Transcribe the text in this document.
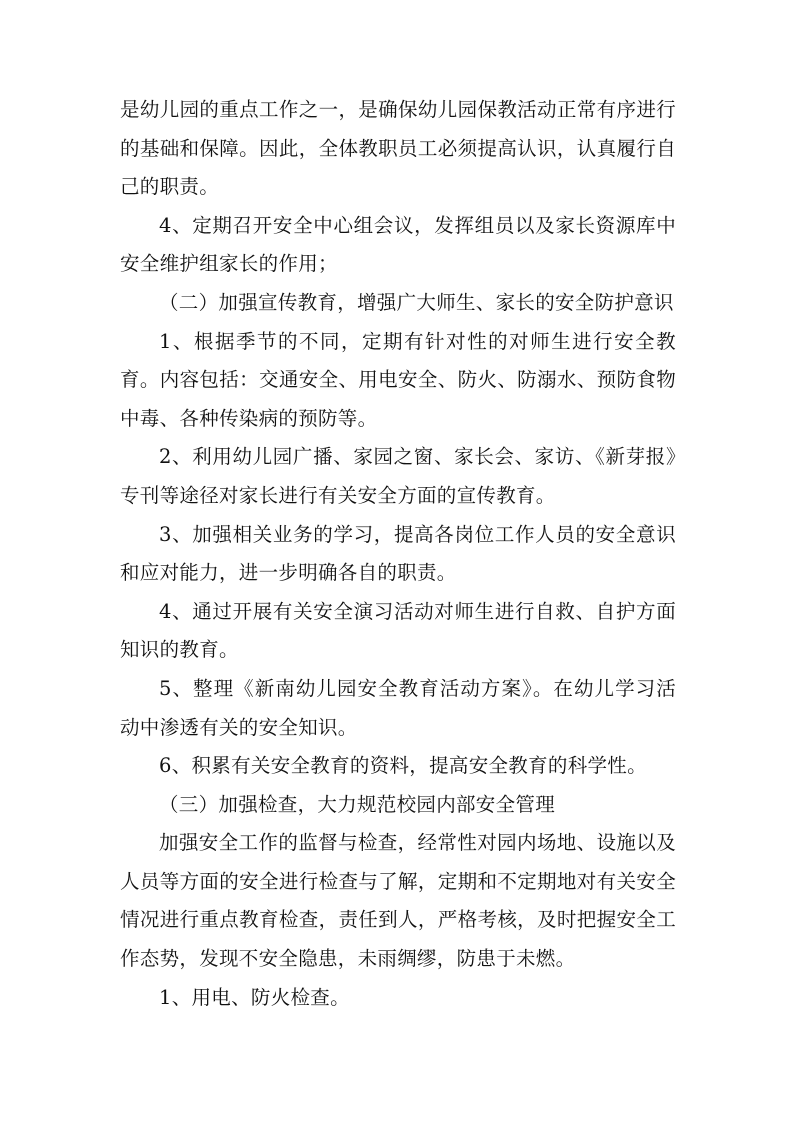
是幼儿园的重点工作之一，是确保幼儿园保教活动正常有序进行的基础和保障。因此，全体教职员工必须提高认识，认真履行自己的职责。

4、定期召开安全中心组会议，发挥组员以及家长资源库中安全维护组家长的作用；

（二）加强宣传教育，增强广大师生、家长的安全防护意识

1、根据季节的不同，定期有针对性的对师生进行安全教育。内容包括：交通安全、用电安全、防火、防溺水、预防食物中毒、各种传染病的预防等。

2、利用幼儿园广播、家园之窗、家长会、家访、《新芽报》专刊等途径对家长进行有关安全方面的宣传教育。

3、加强相关业务的学习，提高各岗位工作人员的安全意识和应对能力，进一步明确各自的职责。

4、通过开展有关安全演习活动对师生进行自救、自护方面知识的教育。

5、整理《新南幼儿园安全教育活动方案》。在幼儿学习活动中渗透有关的安全知识。

6、积累有关安全教育的资料，提高安全教育的科学性。

（三）加强检查，大力规范校园内部安全管理

加强安全工作的监督与检查，经常性对园内场地、设施以及人员等方面的安全进行检查与了解，定期和不定期地对有关安全情况进行重点教育检查，责任到人，严格考核，及时把握安全工作态势，发现不安全隐患，未雨绸缪，防患于未燃。

1、用电、防火检查。
